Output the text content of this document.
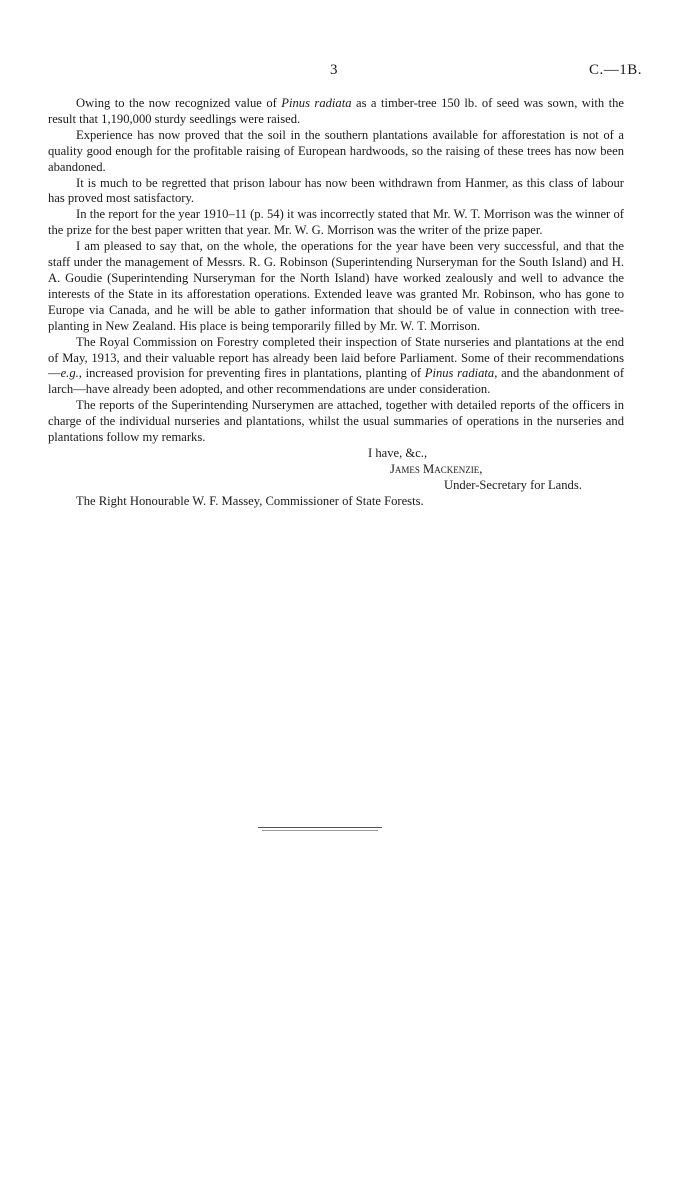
3	C.—1B.

Owing to the now recognized value of Pinus radiata as a timber-tree 150 lb. of seed was sown, with the result that 1,190,000 sturdy seedlings were raised.

Experience has now proved that the soil in the southern plantations available for afforestation is not of a quality good enough for the profitable raising of European hardwoods, so the raising of these trees has now been abandoned.

It is much to be regretted that prison labour has now been withdrawn from Hanmer, as this class of labour has proved most satisfactory.

In the report for the year 1910–11 (p. 54) it was incorrectly stated that Mr. W. T. Morrison was the winner of the prize for the best paper written that year. Mr. W. G. Morrison was the writer of the prize paper.

I am pleased to say that, on the whole, the operations for the year have been very successful, and that the staff under the management of Messrs. R. G. Robinson (Superintending Nurseryman for the South Island) and H. A. Goudie (Superintending Nurseryman for the North Island) have worked zealously and well to advance the interests of the State in its afforestation operations. Extended leave was granted Mr. Robinson, who has gone to Europe via Canada, and he will be able to gather information that should be of value in connection with tree-planting in New Zealand. His place is being temporarily filled by Mr. W. T. Morrison.

The Royal Commission on Forestry completed their inspection of State nurseries and plantations at the end of May, 1913, and their valuable report has already been laid before Parliament. Some of their recommendations—e.g., increased provision for preventing fires in plantations, planting of Pinus radiata, and the abandonment of larch—have already been adopted, and other recommendations are under consideration.

The reports of the Superintending Nurserymen are attached, together with detailed reports of the officers in charge of the individual nurseries and plantations, whilst the usual summaries of operations in the nurseries and plantations follow my remarks.

I have, &c.,
James Mackenzie,
Under-Secretary for Lands.
The Right Honourable W. F. Massey, Commissioner of State Forests.
